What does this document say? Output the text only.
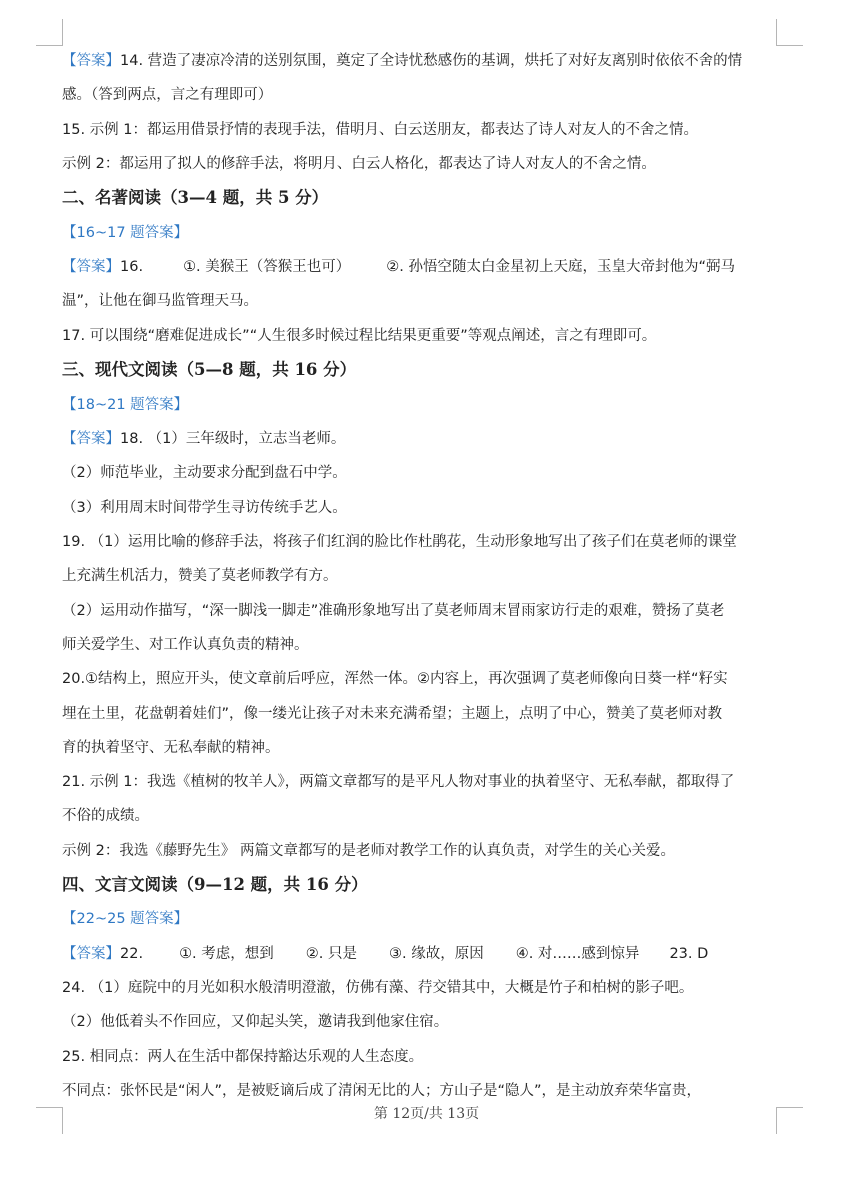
【答案】14. 营造了凄凉冷清的送别氛围，奠定了全诗忧愁感伤的基调，烘托了对好友离别时依依不舍的情
感。（答到两点，言之有理即可）
15. 示例 1：都运用借景抒情的表现手法，借明月、白云送朋友，都表达了诗人对友人的不舍之情。
示例 2：都运用了拟人的修辞手法，将明月、白云人格化，都表达了诗人对友人的不舍之情。
二、名著阅读（3—4 题，共 5 分）
【16~17 题答案】
【答案】16.	①. 美猴王（答猴王也可） ②. 孙悟空随太白金星初上天庭，玉皇大帝封他为“弼马
温”，让他在御马监管理天马。
17. 可以围绕“磨难促进成长”“人生很多时候过程比结果更重要”等观点阐述，言之有理即可。
三、现代文阅读（5—8 题，共 16 分）
【18~21 题答案】
【答案】18. （1）三年级时，立志当老师。
（2）师范毕业，主动要求分配到盘石中学。
（3）利用周末时间带学生寻访传统手艺人。
19. （1）运用比喻的修辞手法，将孩子们红润的脸比作杜鹃花，生动形象地写出了孩子们在莫老师的课堂
上充满生机活力，赞美了莫老师教学有方。
（2）运用动作描写，“深一脚浅一脚走”准确形象地写出了莫老师周末冒雨家访行走的艰难，赞扬了莫老
师关爱学生、对工作认真负责的精神。
20.①结构上，照应开头，使文章前后呼应，浑然一体。②内容上，再次强调了莫老师像向日葵一样“籽实
埋在土里，花盘朝着娃们”，像一缕光让孩子对未来充满希望；主题上，点明了中心，赞美了莫老师对教
育的执着坚守、无私奉献的精神。
21. 示例 1：我选《植树的牧羊人》，两篇文章都写的是平凡人物对事业的执着坚守、无私奉献，都取得了
不俗的成绩。
示例 2：我选《藤野先生》 两篇文章都写的是老师对教学工作的认真负责，对学生的关心关爱。
四、文言文阅读（9—12 题，共 16 分）
【22~25 题答案】
【答案】22. ①. 考虑，想到 ②. 只是 ③. 缘故，原因 ④. 对……感到惊异 23. D
24. （1）庭院中的月光如积水般清明澄澈，仿佛有藻、荇交错其中，大概是竹子和柏树的影子吧。
（2）他低着头不作回应，又仰起头笑，邀请我到他家住宿。
25. 相同点：两人在生活中都保持豁达乐观的人生态度。
不同点：张怀民是“闲人”，是被贬谪后成了清闲无比的人；方山子是“隐人”，是主动放弃荣华富贵，
第 12页/共 13页
